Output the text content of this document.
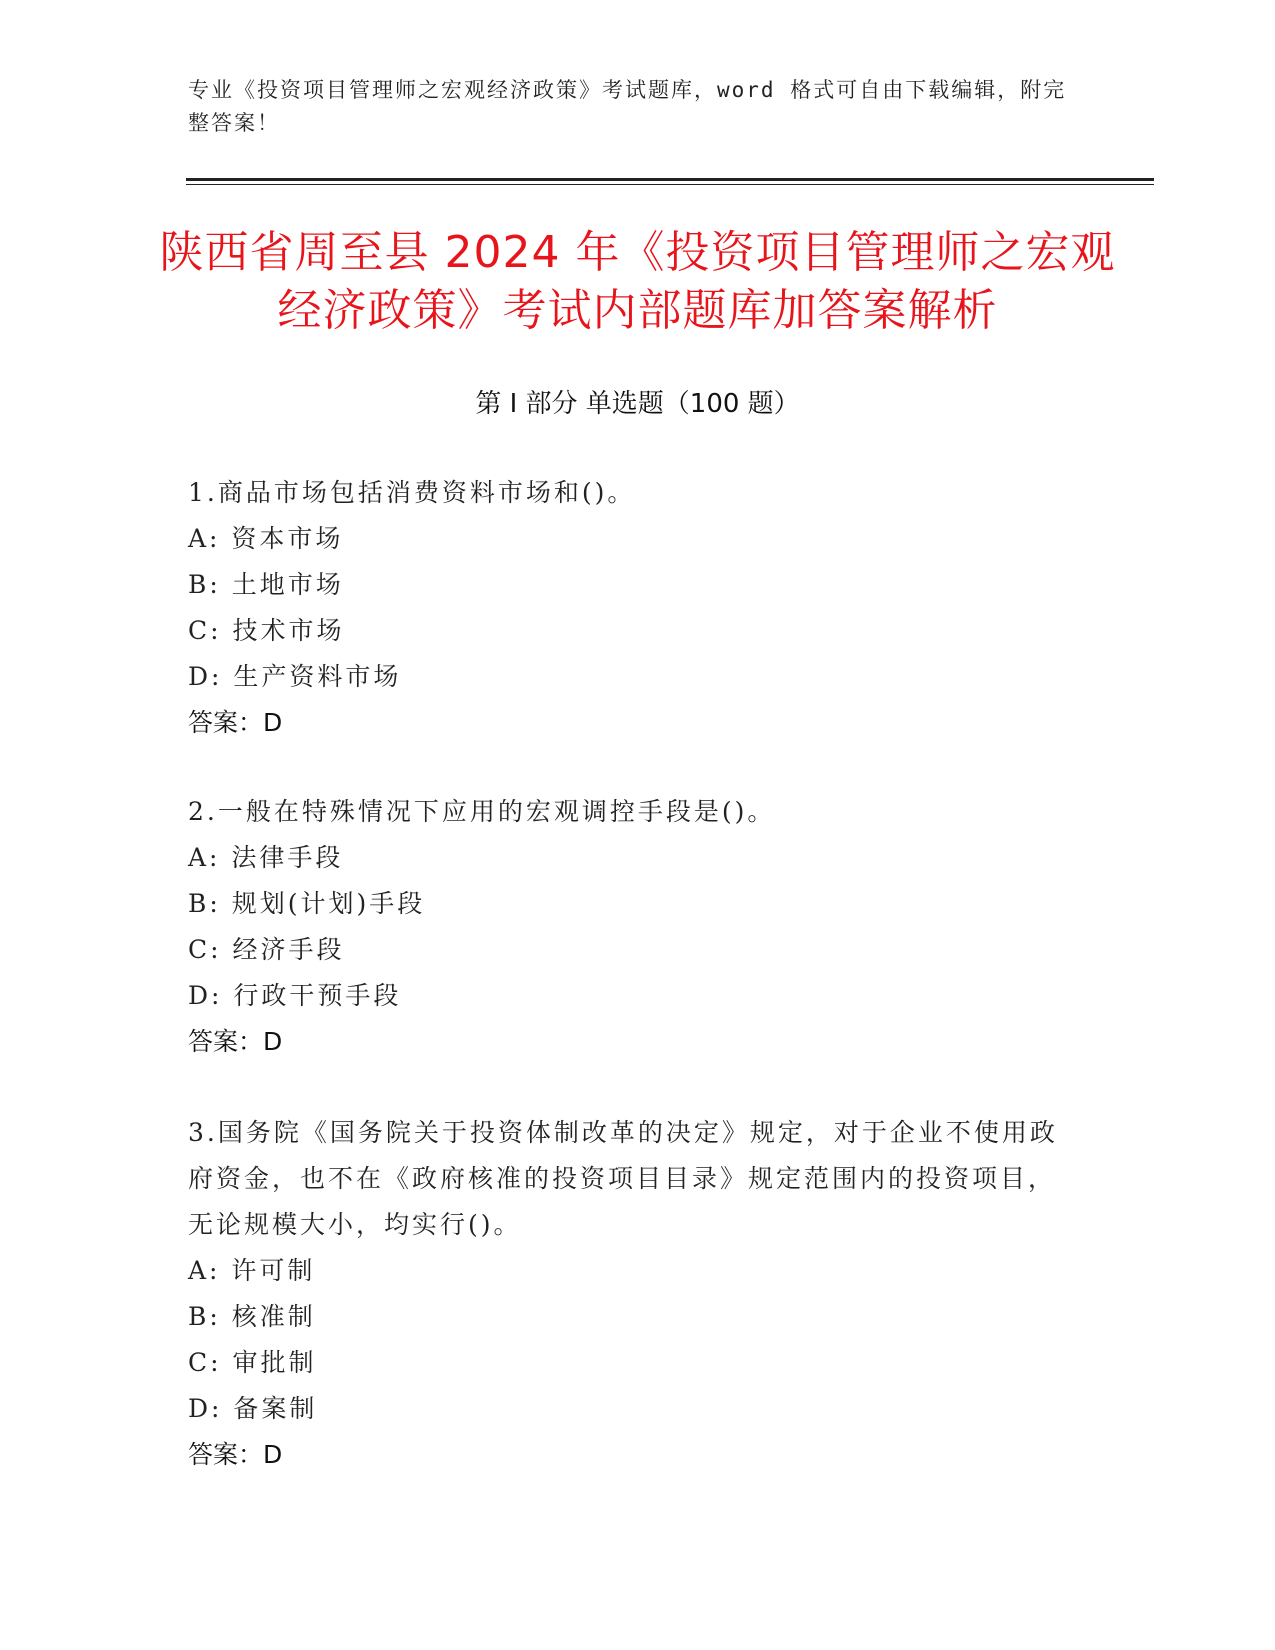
专业《投资项目管理师之宏观经济政策》考试题库，word 格式可自由下载编辑，附完整答案！
陕西省周至县 2024 年《投资项目管理师之宏观经济政策》考试内部题库加答案解析
第 I 部分 单选题（100 题）
1.商品市场包括消费资料市场和()。
A: 资本市场
B: 土地市场
C: 技术市场
D: 生产资料市场
答案：D
2.一般在特殊情况下应用的宏观调控手段是()。
A: 法律手段
B: 规划(计划)手段
C: 经济手段
D: 行政干预手段
答案：D
3.国务院《国务院关于投资体制改革的决定》规定，对于企业不使用政府资金，也不在《政府核准的投资项目目录》规定范围内的投资项目，无论规模大小，均实行()。
A: 许可制
B: 核准制
C: 审批制
D: 备案制
答案：D
